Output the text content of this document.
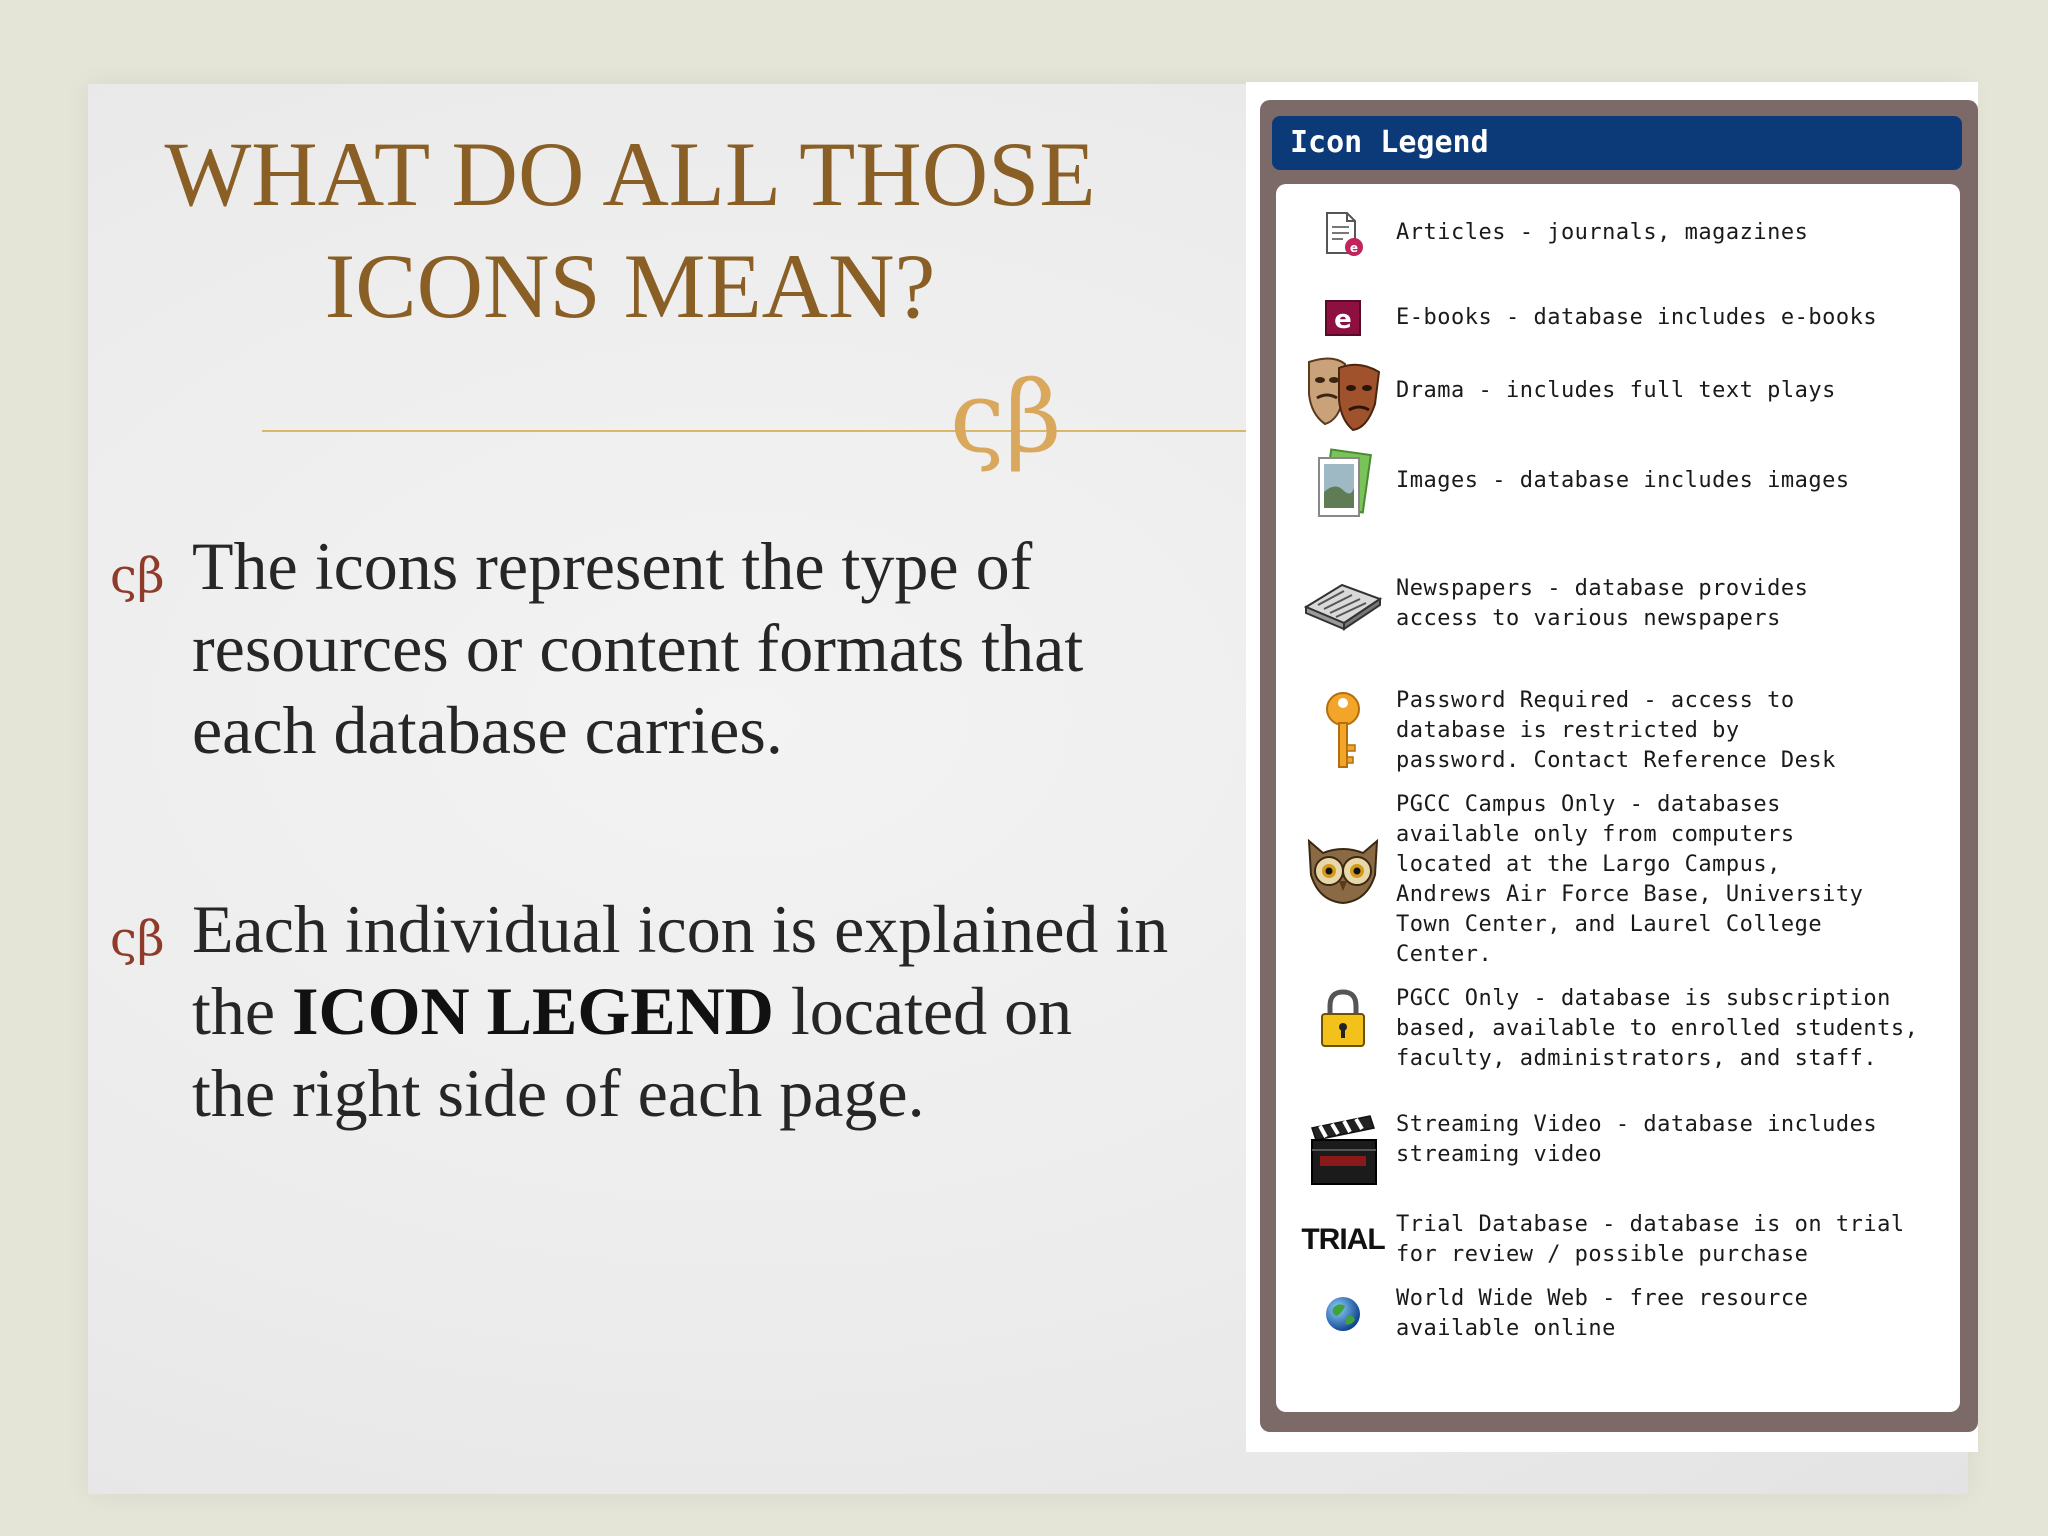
WHAT DO ALL THOSE
ICONS MEAN?
ςβ
ςβ The icons represent the type of resources or content formats that each database carries.
ςβ Each individual icon is explained in the ICON LEGEND located on the right side of each page.
Icon Legend
e
Articles - journals, magazines
e E-books - database includes e-books
Drama - includes full text plays
Images - database includes images
Newspapers - database provides
access to various newspapers
Password Required - access to
database is restricted by
password. Contact Reference Desk
PGCC Campus Only - databases
available only from computers
located at the Largo Campus,
Andrews Air Force Base, University
Town Center, and Laurel College
Center.
PGCC Only - database is subscription
based, available to enrolled students,
faculty, administrators, and staff.
Streaming Video - database includes
streaming video
TRIAL Trial Database - database is on trial
for review / possible purchase
World Wide Web - free resource
available online
